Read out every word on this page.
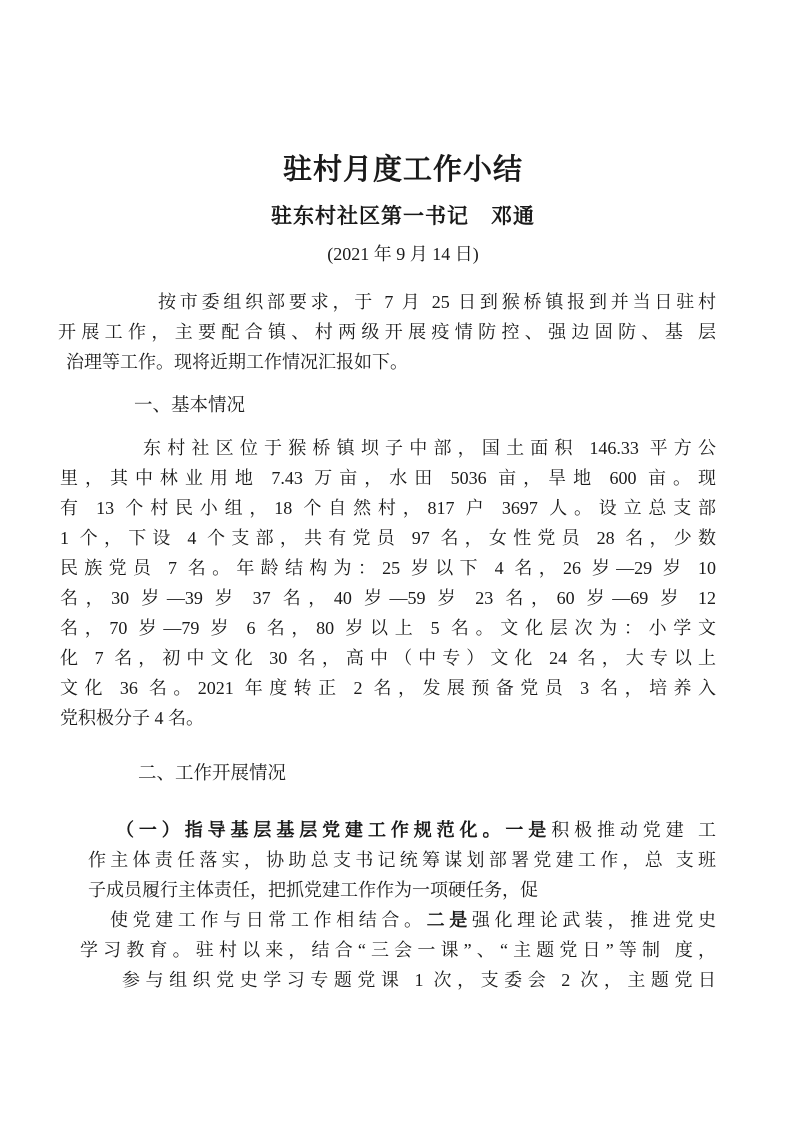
驻村月度工作小结
驻东村社区第一书记　邓通
(2021 年 9 月 14 日)
按市委组织部要求，于 7 月 25 日到猴桥镇报到并当日驻村
开展工作，主要配合镇、村两级开展疫情防控、强边固防、基 层
治理等工作。现将近期工作情况汇报如下。
一、基本情况
东村社区位于猴桥镇坝子中部，国土面积 146.33 平方公
里，其中林业用地 7.43 万亩，水田 5036 亩，旱地 600 亩。现
有 13 个村民小组，18 个自然村，817 户 3697 人。设立总支部
1 个，下设 4 个支部，共有党员 97 名，女性党员 28 名，少数
民族党员 7 名。年龄结构为：25 岁以下 4 名，26 岁—29 岁 10
名，30 岁—39 岁 37 名，40 岁—59 岁 23 名，60 岁—69 岁 12
名，70 岁—79 岁 6 名，80 岁以上 5 名。文化层次为：小学文
化 7 名，初中文化 30 名，高中（中专）文化 24 名，大专以上
文化 36 名。2021 年度转正 2 名，发展预备党员 3 名，培养入
党积极分子 4 名。
二、工作开展情况
（一）指导基层基层党建工作规范化。一是积极推动党建 工
作主体责任落实，协助总支书记统筹谋划部署党建工作，总 支班
子成员履行主体责任，把抓党建工作作为一项硬任务，促
使党建工作与日常工作相结合。二是强化理论武装，推进党史
学习教育。驻村以来，结合“三会一课”、“主题党日”等制 度，
参与组织党史学习专题党课 1 次，支委会 2 次，主题党日
